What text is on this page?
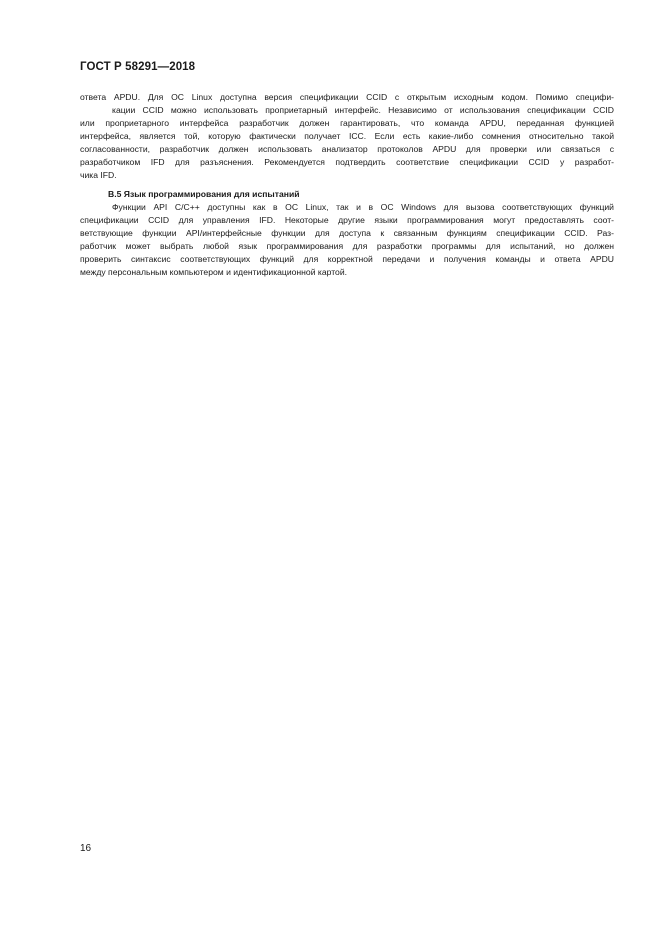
ГОСТ Р 58291—2018
ответа APDU. Для ОС Linux доступна версия спецификации CCID с открытым исходным кодом. Помимо специфи-
кации CCID можно использовать проприетарный интерфейс. Независимо от использования спецификации CCID
или проприетарного интерфейса разработчик должен гарантировать, что команда APDU, переданная функцией
интерфейса, является той, которую фактически получает ICC. Если есть какие-либо сомнения относительно такой
согласованности, разработчик должен использовать анализатор протоколов APDU для проверки или связаться с
разработчиком IFD для разъяснения. Рекомендуется подтвердить соответствие спецификации CCID у разработ-
чика IFD.
В.5 Язык программирования для испытаний
Функции API C/C++ доступны как в ОС Linux, так и в ОС Windows для вызова соответствующих функций
спецификации CCID для управления IFD. Некоторые другие языки программирования могут предоставлять соот-
ветствующие функции API/интерфейсные функции для доступа к связанным функциям спецификации CCID. Раз-
работчик может выбрать любой язык программирования для разработки программы для испытаний, но должен
проверить синтаксис соответствующих функций для корректной передачи и получения команды и ответа APDU
между персональным компьютером и идентификационной картой.
16
